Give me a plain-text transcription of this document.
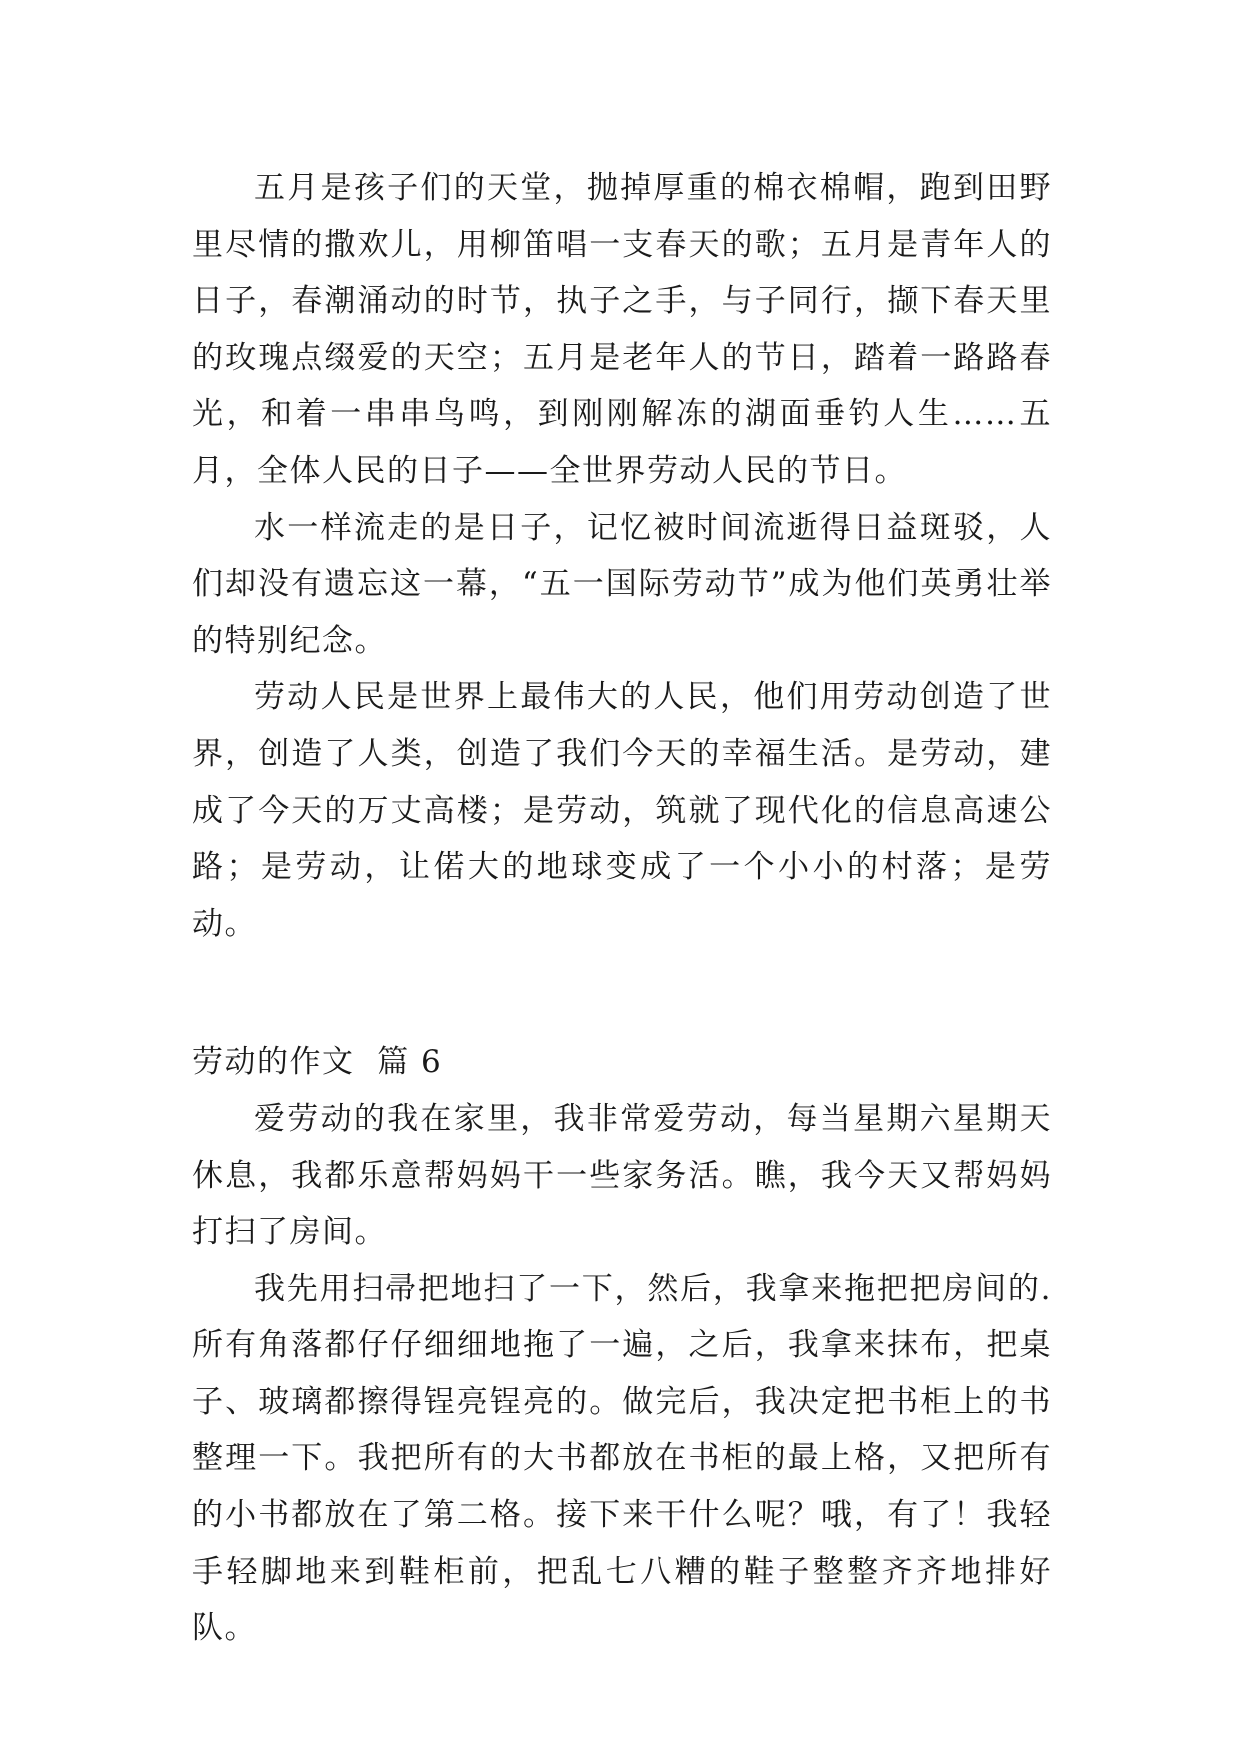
五月是孩子们的天堂，抛掉厚重的棉衣棉帽，跑到田野里尽情的撒欢儿，用柳笛唱一支春天的歌；五月是青年人的日子，春潮涌动的时节，执子之手，与子同行，撷下春天里的玫瑰点缀爱的天空；五月是老年人的节日，踏着一路路春光，和着一串串鸟鸣，到刚刚解冻的湖面垂钓人生……五月，全体人民的日子——全世界劳动人民的节日。

水一样流走的是日子，记忆被时间流逝得日益斑驳，人们却没有遗忘这一幕，“五一国际劳动节”成为他们英勇壮举的特别纪念。

劳动人民是世界上最伟大的人民，他们用劳动创造了世界，创造了人类，创造了我们今天的幸福生活。是劳动，建成了今天的万丈高楼；是劳动，筑就了现代化的信息高速公路；是劳动，让偌大的地球变成了一个小小的村落；是劳动。

劳动的作文  篇 6

爱劳动的我在家里，我非常爱劳动，每当星期六星期天休息，我都乐意帮妈妈干一些家务活。瞧，我今天又帮妈妈打扫了房间。

我先用扫帚把地扫了一下，然后，我拿来拖把把房间的.所有角落都仔仔细细地拖了一遍，之后，我拿来抹布，把桌子、玻璃都擦得锃亮锃亮的。做完后，我决定把书柜上的书整理一下。我把所有的大书都放在书柜的最上格，又把所有的小书都放在了第二格。接下来干什么呢？哦，有了！我轻手轻脚地来到鞋柜前，把乱七八糟的鞋子整整齐齐地排好队。
